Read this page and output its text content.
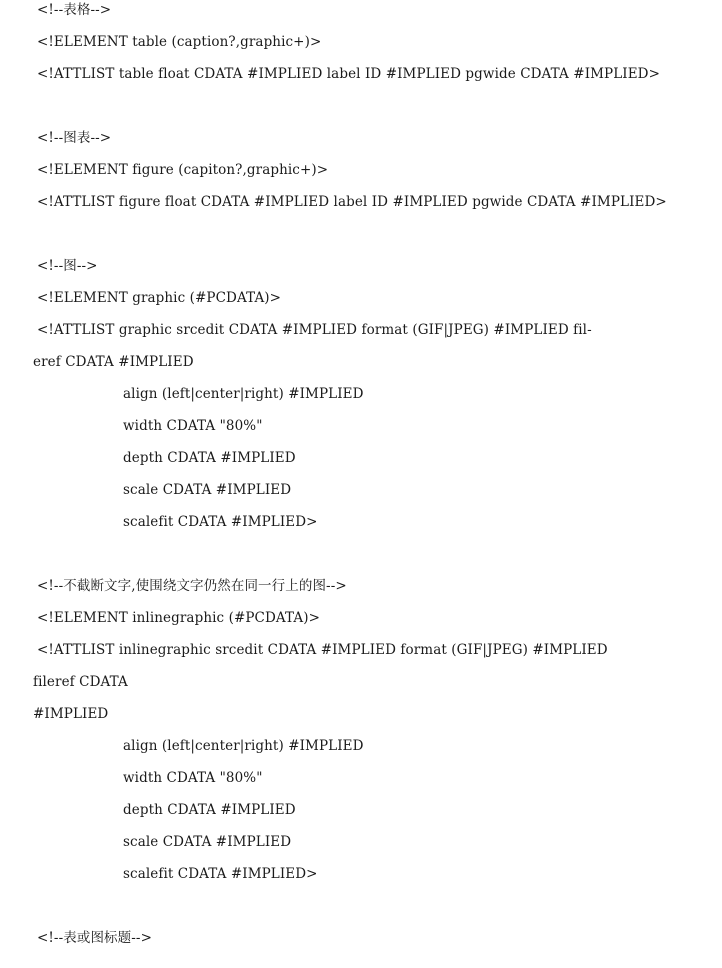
<!--表格-->
<!ELEMENT table (caption?,graphic+)>
<!ATTLIST table float CDATA #IMPLIED label ID #IMPLIED pgwide CDATA #IMPLIED>
<!--图表-->
<!ELEMENT figure (capiton?,graphic+)>
<!ATTLIST figure float CDATA #IMPLIED label ID #IMPLIED pgwide CDATA #IMPLIED>
<!--图-->
<!ELEMENT graphic (#PCDATA)>
<!ATTLIST graphic srcedit CDATA #IMPLIED format (GIF|JPEG) #IMPLIED fil-
eref CDATA #IMPLIED
align (left|center|right) #IMPLIED
width CDATA "80%"
depth CDATA #IMPLIED
scale CDATA #IMPLIED
scalefit CDATA #IMPLIED>
<!--不截断文字,使围绕文字仍然在同一行上的图-->
<!ELEMENT inlinegraphic (#PCDATA)>
<!ATTLIST inlinegraphic srcedit CDATA #IMPLIED format (GIF|JPEG) #IMPLIED
fileref CDATA
#IMPLIED
align (left|center|right) #IMPLIED
width CDATA "80%"
depth CDATA #IMPLIED
scale CDATA #IMPLIED
scalefit CDATA #IMPLIED>
<!--表或图标题-->
